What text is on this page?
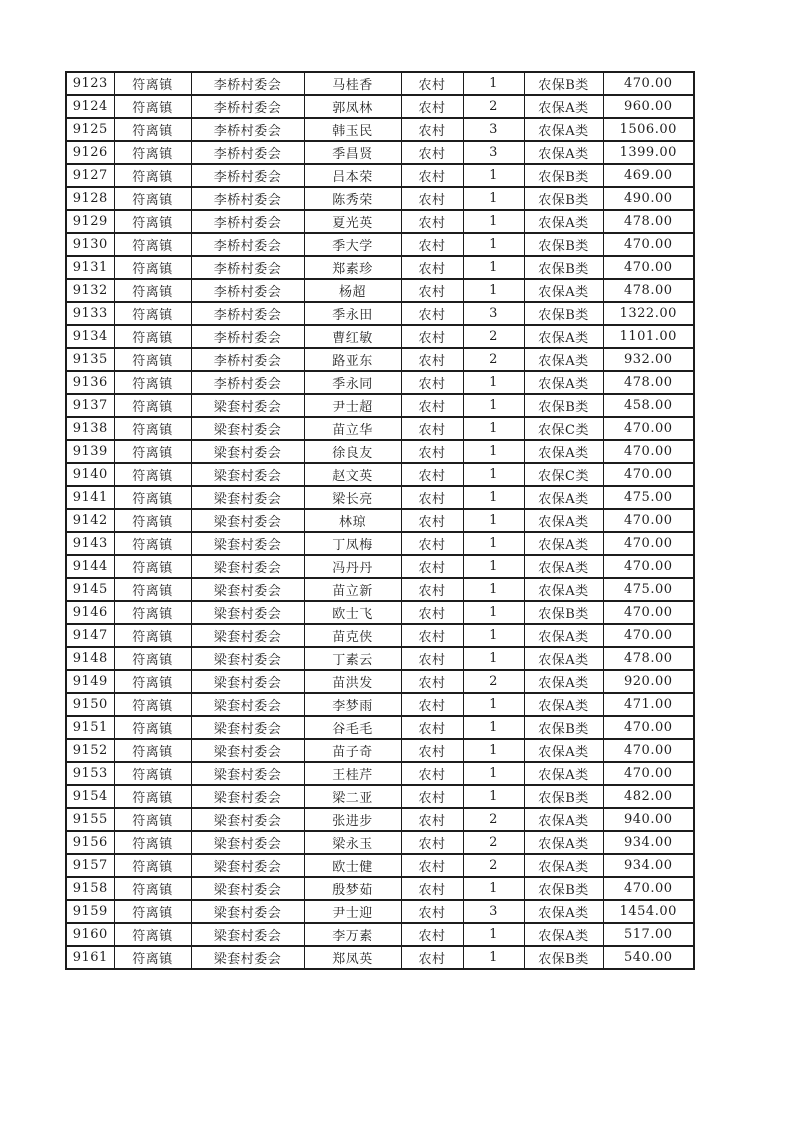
9123	符离镇	李桥村委会	马桂香	农村	1	农保B类	470.00
9124	符离镇	李桥村委会	郭凤林	农村	2	农保A类	960.00
9125	符离镇	李桥村委会	韩玉民	农村	3	农保A类	1506.00
9126	符离镇	李桥村委会	季昌贤	农村	3	农保A类	1399.00
9127	符离镇	李桥村委会	吕本荣	农村	1	农保B类	469.00
9128	符离镇	李桥村委会	陈秀荣	农村	1	农保B类	490.00
9129	符离镇	李桥村委会	夏光英	农村	1	农保A类	478.00
9130	符离镇	李桥村委会	季大学	农村	1	农保B类	470.00
9131	符离镇	李桥村委会	郑素珍	农村	1	农保B类	470.00
9132	符离镇	李桥村委会	杨超	农村	1	农保A类	478.00
9133	符离镇	李桥村委会	季永田	农村	3	农保B类	1322.00
9134	符离镇	李桥村委会	曹红敏	农村	2	农保A类	1101.00
9135	符离镇	李桥村委会	路亚东	农村	2	农保A类	932.00
9136	符离镇	李桥村委会	季永同	农村	1	农保A类	478.00
9137	符离镇	梁套村委会	尹士超	农村	1	农保B类	458.00
9138	符离镇	梁套村委会	苗立华	农村	1	农保C类	470.00
9139	符离镇	梁套村委会	徐良友	农村	1	农保A类	470.00
9140	符离镇	梁套村委会	赵文英	农村	1	农保C类	470.00
9141	符离镇	梁套村委会	梁长亮	农村	1	农保A类	475.00
9142	符离镇	梁套村委会	林琼	农村	1	农保A类	470.00
9143	符离镇	梁套村委会	丁凤梅	农村	1	农保A类	470.00
9144	符离镇	梁套村委会	冯丹丹	农村	1	农保A类	470.00
9145	符离镇	梁套村委会	苗立新	农村	1	农保A类	475.00
9146	符离镇	梁套村委会	欧士飞	农村	1	农保B类	470.00
9147	符离镇	梁套村委会	苗克侠	农村	1	农保A类	470.00
9148	符离镇	梁套村委会	丁素云	农村	1	农保A类	478.00
9149	符离镇	梁套村委会	苗洪发	农村	2	农保A类	920.00
9150	符离镇	梁套村委会	李梦雨	农村	1	农保A类	471.00
9151	符离镇	梁套村委会	谷毛毛	农村	1	农保B类	470.00
9152	符离镇	梁套村委会	苗子奇	农村	1	农保A类	470.00
9153	符离镇	梁套村委会	王桂芹	农村	1	农保A类	470.00
9154	符离镇	梁套村委会	梁二亚	农村	1	农保B类	482.00
9155	符离镇	梁套村委会	张进步	农村	2	农保A类	940.00
9156	符离镇	梁套村委会	梁永玉	农村	2	农保A类	934.00
9157	符离镇	梁套村委会	欧士健	农村	2	农保A类	934.00
9158	符离镇	梁套村委会	殷梦茹	农村	1	农保B类	470.00
9159	符离镇	梁套村委会	尹士迎	农村	3	农保A类	1454.00
9160	符离镇	梁套村委会	李万素	农村	1	农保A类	517.00
9161	符离镇	梁套村委会	郑凤英	农村	1	农保B类	540.00
